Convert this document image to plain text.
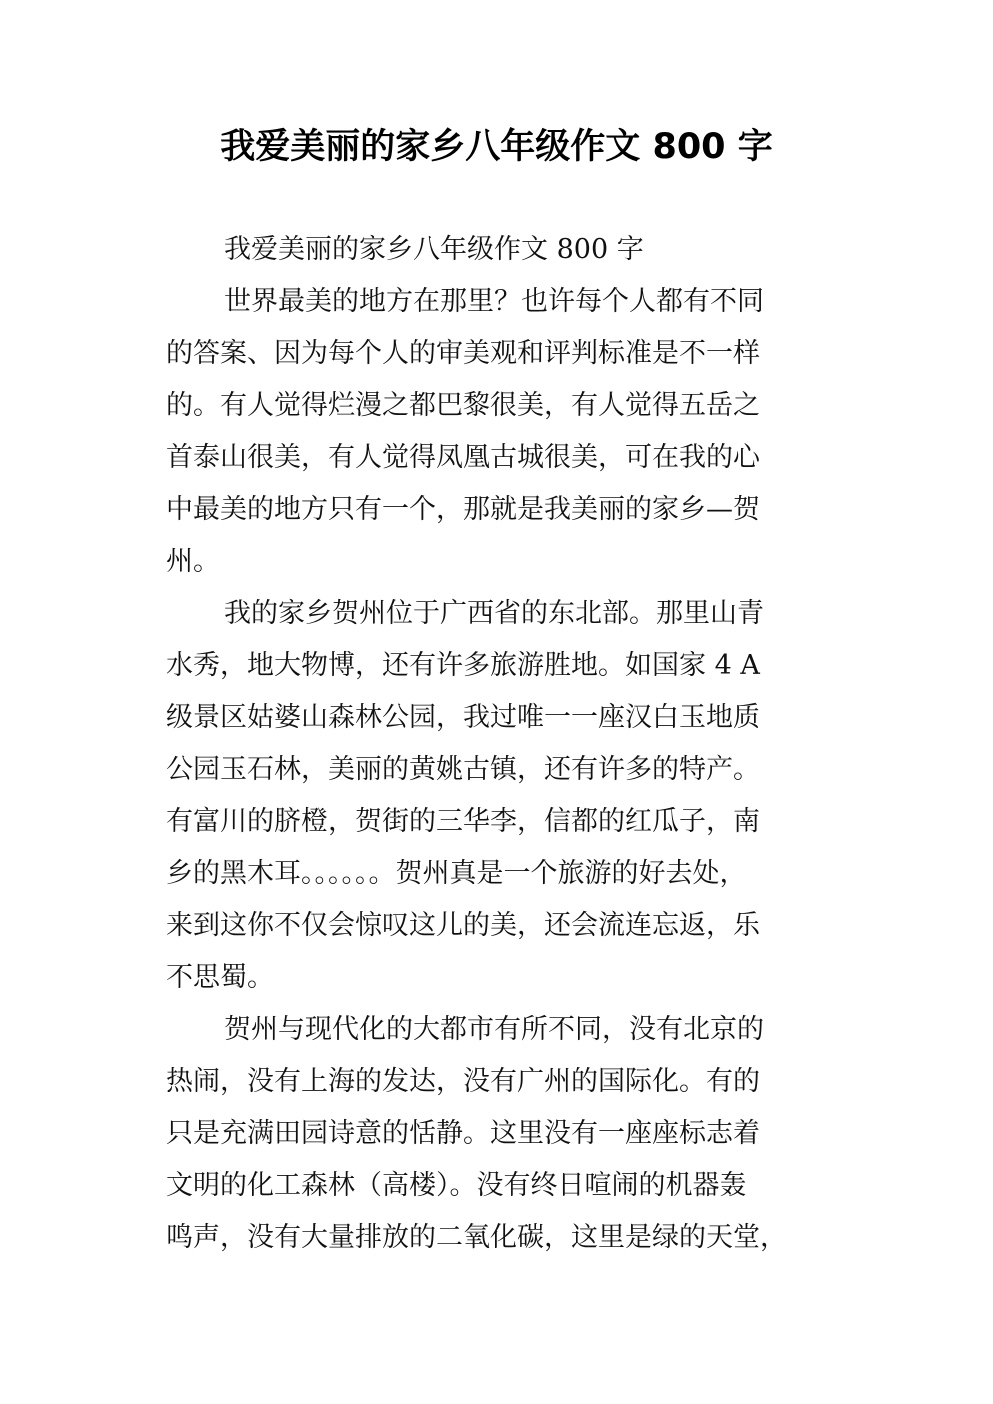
我爱美丽的家乡八年级作文 800 字
我爱美丽的家乡八年级作文 800 字
世界最美的地方在那里？也许每个人都有不同
的答案、因为每个人的审美观和评判标准是不一样
的。有人觉得烂漫之都巴黎很美，有人觉得五岳之
首泰山很美，有人觉得凤凰古城很美，可在我的心
中最美的地方只有一个，那就是我美丽的家乡—贺
州。
我的家乡贺州位于广西省的东北部。那里山青
水秀，地大物博，还有许多旅游胜地。如国家 4 A
级景区姑婆山森林公园，我过唯一一座汉白玉地质
公园玉石林，美丽的黄姚古镇，还有许多的特产。
有富川的脐橙，贺街的三华李，信都的红瓜子，南
乡的黑木耳。。。。。。贺州真是一个旅游的好去处，
来到这你不仅会惊叹这儿的美，还会流连忘返，乐
不思蜀。
贺州与现代化的大都市有所不同，没有北京的
热闹，没有上海的发达，没有广州的国际化。有的
只是充满田园诗意的恬静。这里没有一座座标志着
文明的化工森林（高楼）。没有终日喧闹的机器轰
鸣声，没有大量排放的二氧化碳，这里是绿的天堂，
